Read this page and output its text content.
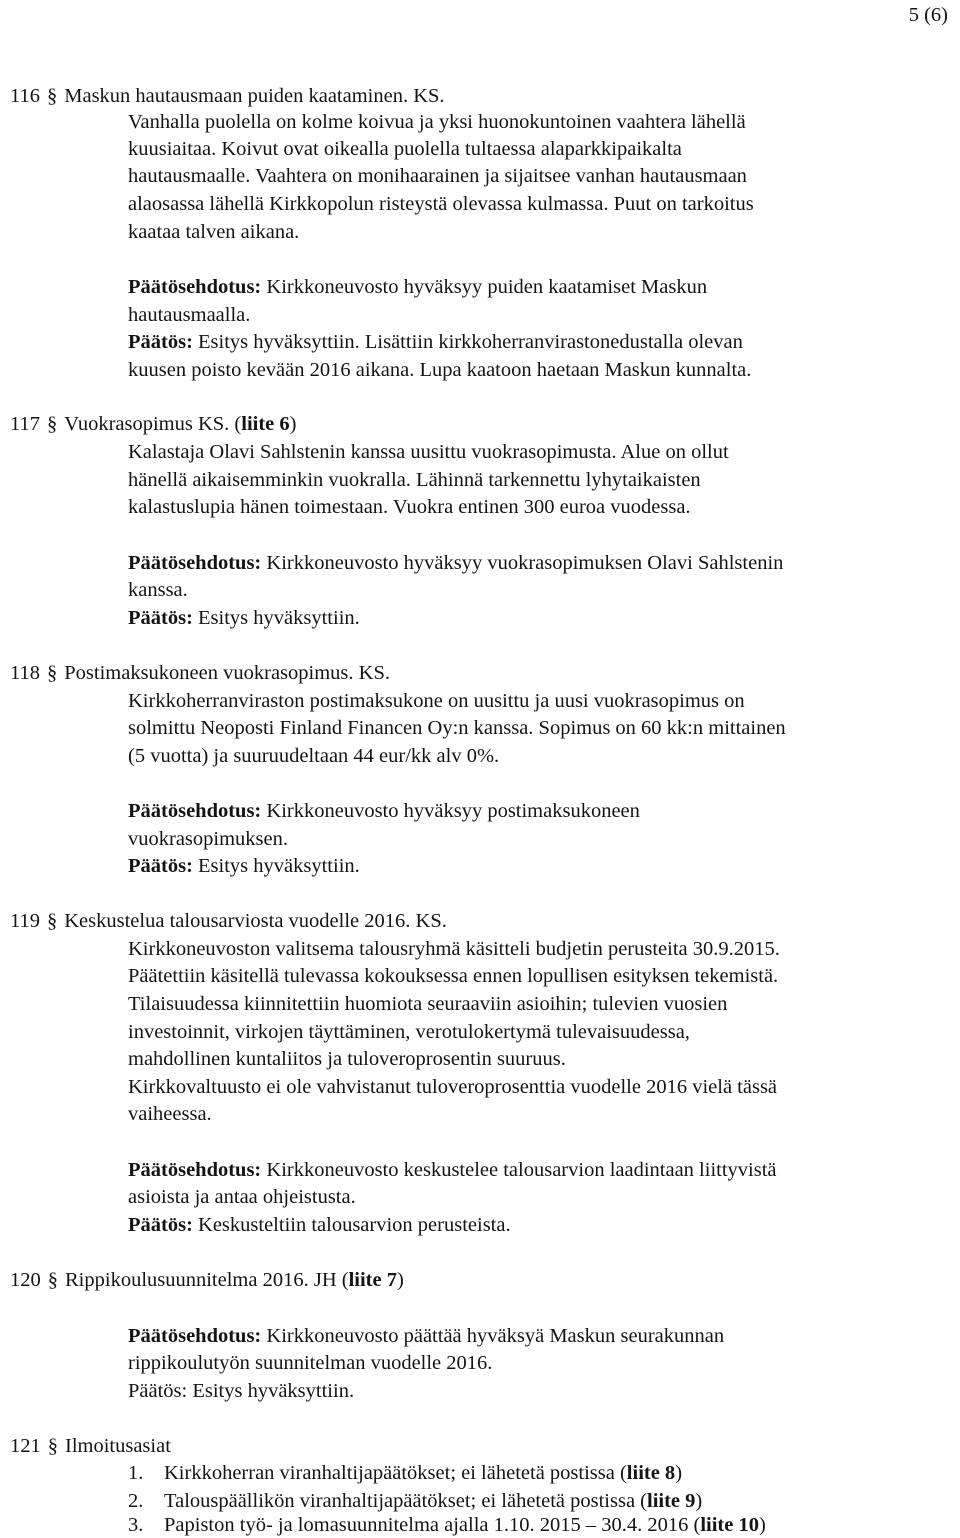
5 (6)
116 § Maskun hautausmaan puiden kaataminen. KS.
Vanhalla puolella on kolme koivua ja yksi huonokuntoinen vaahtera lähellä
kuusiaitaa. Koivut ovat oikealla puolella tultaessa alaparkkipaikalta
hautausmaalle. Vaahtera on monihaarainen ja sijaitsee vanhan hautausmaan
alaosassa lähellä Kirkkopolun risteystä olevassa kulmassa. Puut on tarkoitus
kaataa talven aikana.
Päätösehdotus: Kirkkoneuvosto hyväksyy puiden kaatamiset Maskun
hautausmaalla.
Päätös: Esitys hyväksyttiin. Lisättiin kirkkoherranvirastonedustalla olevan
kuusen poisto kevään 2016 aikana. Lupa kaatoon haetaan Maskun kunnalta.
117 § Vuokrasopimus KS. (liite 6)
Kalastaja Olavi Sahlstenin kanssa uusittu vuokrasopimusta. Alue on ollut
hänellä aikaisemminkin vuokralla. Lähinnä tarkennettu lyhytaikaisten
kalastuslupia hänen toimestaan. Vuokra entinen 300 euroa vuodessa.
Päätösehdotus: Kirkkoneuvosto hyväksyy vuokrasopimuksen Olavi Sahlstenin
kanssa.
Päätös: Esitys hyväksyttiin.
118 § Postimaksukoneen vuokrasopimus. KS.
Kirkkoherranviraston postimaksukone on uusittu ja uusi vuokrasopimus on
solmittu Neoposti Finland Financen Oy:n kanssa. Sopimus on 60 kk:n mittainen
(5 vuotta) ja suuruudeltaan 44 eur/kk alv 0%.
Päätösehdotus: Kirkkoneuvosto hyväksyy postimaksukoneen
vuokrasopimuksen.
Päätös: Esitys hyväksyttiin.
119 § Keskustelua talousarviosta vuodelle 2016. KS.
Kirkkoneuvoston valitsema talousryhmä käsitteli budjetin perusteita 30.9.2015.
Päätettiin käsitellä tulevassa kokouksessa ennen lopullisen esityksen tekemistä.
Tilaisuudessa kiinnitettiin huomiota seuraaviin asioihin; tulevien vuosien
investoinnit, virkojen täyttäminen, verotulokertymä tulevaisuudessa,
mahdollinen kuntaliitos ja tuloveroprosentin suuruus.
Kirkkovaltuusto ei ole vahvistanut tuloveroprosenttia vuodelle 2016 vielä tässä
vaiheessa.
Päätösehdotus: Kirkkoneuvosto keskustelee talousarvion laadintaan liittyvistä
asioista ja antaa ohjeistusta.
Päätös: Keskusteltiin talousarvion perusteista.
120 § Rippikoulusuunnitelma 2016. JH (liite 7)
Päätösehdotus: Kirkkoneuvosto päättää hyväksyä Maskun seurakunnan
rippikoulutyön suunnitelman vuodelle 2016.
Päätös: Esitys hyväksyttiin.
121 § Ilmoitusasiat
1. Kirkkoherran viranhaltijapäätökset; ei lähetetä postissa (liite 8)
2. Talouspäällikön viranhaltijapäätökset; ei lähetetä postissa (liite 9)
3. Papiston työ- ja lomasuunnitelma ajalla 1.10. 2015 – 30.4. 2016 (liite 10)
